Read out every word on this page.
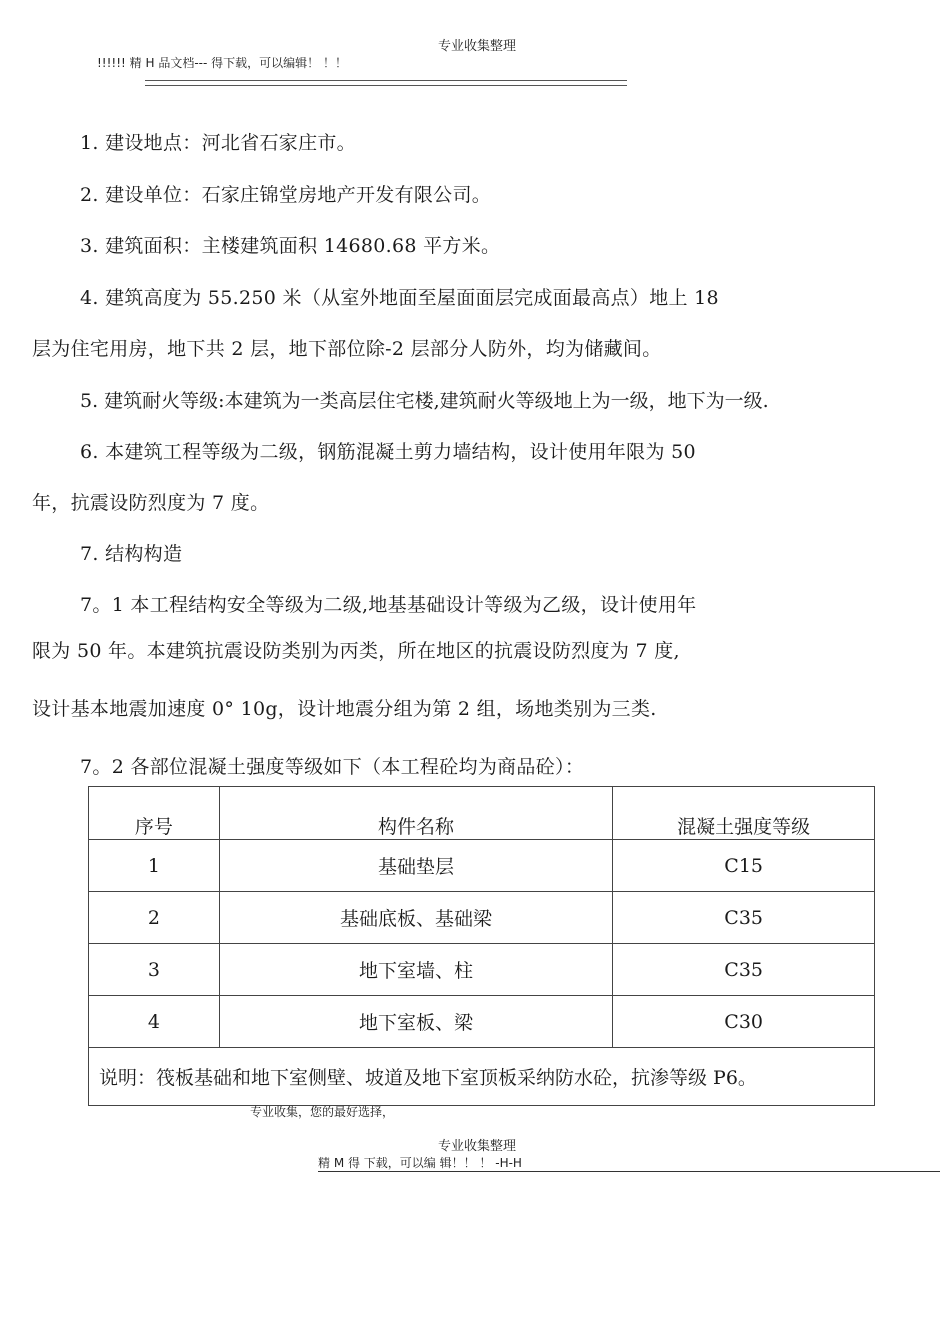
专业收集整理
!!!!!! 精 H 品文档--- 得下载，可以编辑！ ！！
1. 建设地点：河北省石家庄市。
2. 建设单位：石家庄锦堂房地产开发有限公司。
3. 建筑面积：主楼建筑面积 14680.68 平方米。
4. 建筑高度为 55.250 米（从室外地面至屋面面层完成面最高点）地上 18
层为住宅用房，地下共 2 层，地下部位除-2 层部分人防外，均为储藏间。
5. 建筑耐火等级:本建筑为一类高层住宅楼,建筑耐火等级地上为一级，地下为一级.
6. 本建筑工程等级为二级，钢筋混凝土剪力墙结构，设计使用年限为 50
年，抗震设防烈度为 7 度。
7. 结构构造
7。1 本工程结构安全等级为二级,地基基础设计等级为乙级，设计使用年
限为 50 年。本建筑抗震设防类别为丙类，所在地区的抗震设防烈度为 7 度,
设计基本地震加速度 0° 10g，设计地震分组为第 2 组，场地类别为三类.
7。2 各部位混凝土强度等级如下（本工程砼均为商品砼）：
序号	构件名称	混凝土强度等级
1	基础垫层	C15
2	基础底板、基础梁	C35
3	地下室墙、柱	C35
4	地下室板、梁	C30
说明：筏板基础和地下室侧壁、坡道及地下室顶板采纳防水砼，抗渗等级 P6。		
专业收集，您的最好选择，
专业收集整理
精 M 得 下载，可以编 辑！！ ！ -H-H
